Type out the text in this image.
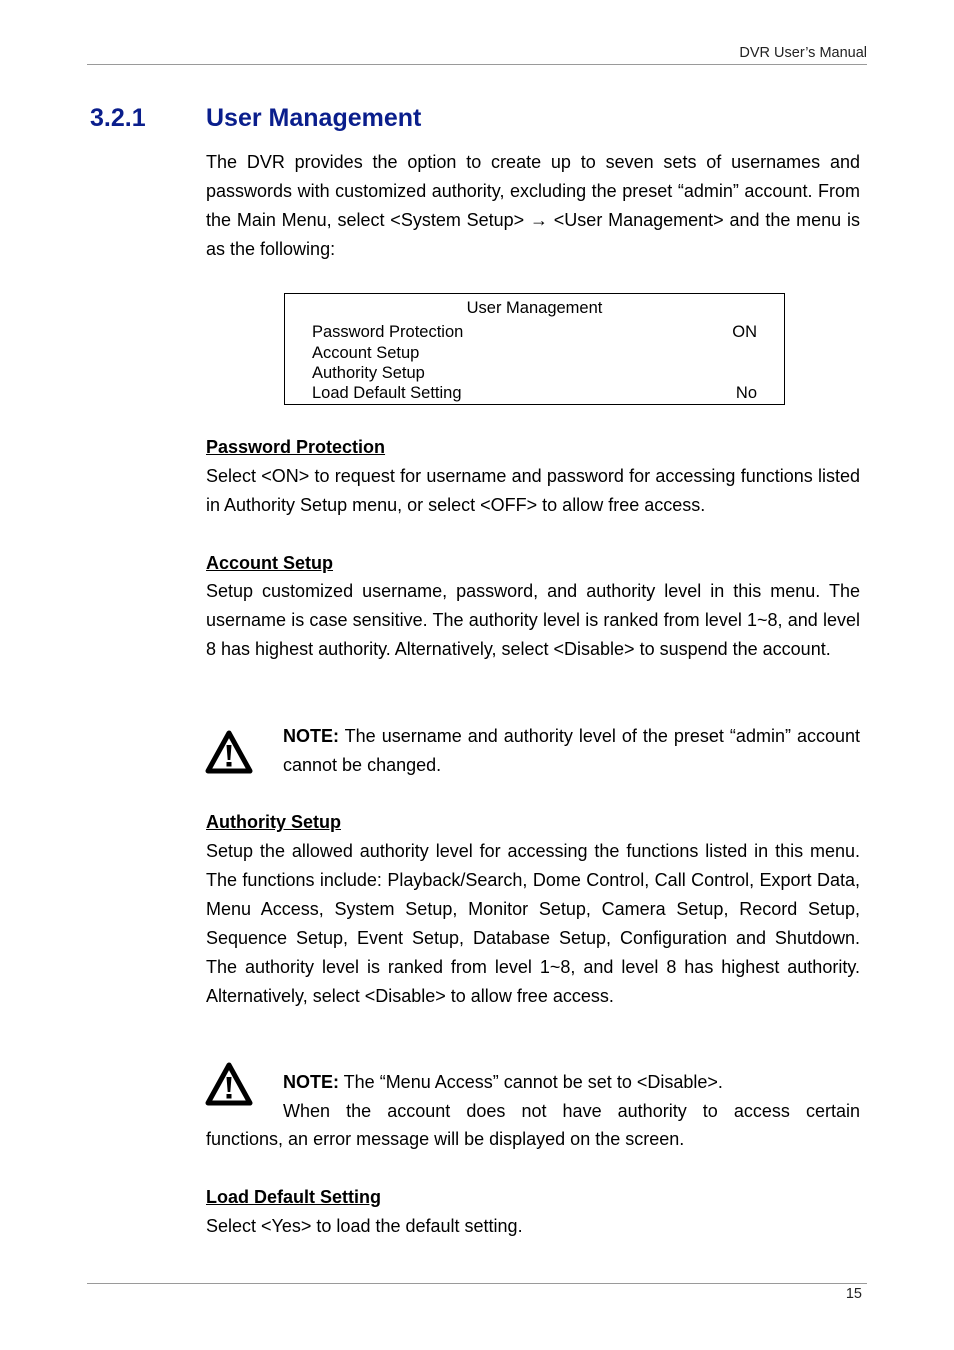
DVR User’s Manual
3.2.1 User Management

The DVR provides the option to create up to seven sets of usernames and passwords with customized authority, excluding the preset “admin” account. From the Main Menu, select <System Setup> → <User Management> and the menu is as the following:

User Management
Password Protection	ON
Account Setup
Authority Setup
Load Default Setting	No

Password Protection

Select <ON> to request for username and password for accessing functions listed in Authority Setup menu, or select <OFF> to allow free access.

Account Setup

Setup customized username, password, and authority level in this menu. The username is case sensitive. The authority level is ranked from level 1~8, and level 8 has highest authority. Alternatively, select <Disable> to suspend the account.

NOTE: The username and authority level of the preset “admin” account cannot be changed.

Authority Setup

Setup the allowed authority level for accessing the functions listed in this menu. The functions include: Playback/Search, Dome Control, Call Control, Export Data, Menu Access, System Setup, Monitor Setup, Camera Setup, Record Setup, Sequence Setup, Event Setup, Database Setup, Configuration and Shutdown. The authority level is ranked from level 1~8, and level 8 has highest authority. Alternatively, select <Disable> to allow free access.

NOTE: The “Menu Access” cannot be set to <Disable>.

When the account does not have authority to access certain

functions, an error message will be displayed on the screen.

Load Default Setting

Select <Yes> to load the default setting.

15
